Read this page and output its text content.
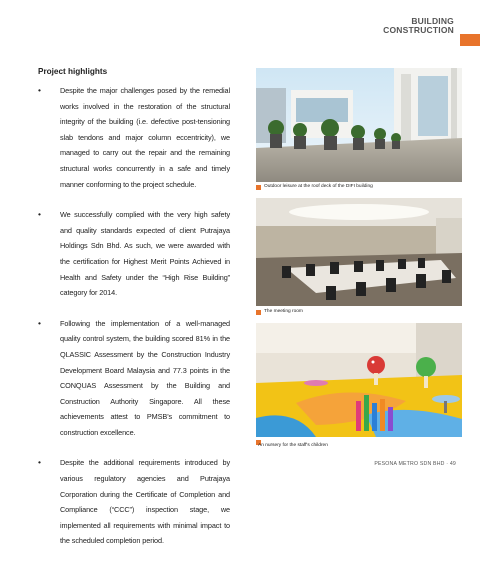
BUILDING
CONSTRUCTION
Project highlights
•	Despite the major challenges posed by the remedial works involved in the restoration of the structural integrity of the building (i.e. defective post-tensioning slab tendons and major column eccentricity), we managed to carry out the repair and the remaining structural works concurrently in a safe and timely manner conforming to the project schedule.
•	We successfully complied with the very high safety and quality standards expected of client Putrajaya Holdings Sdn Bhd. As such, we were awarded with the certification for Highest Merit Points Achieved in Health and Safety under the “High Rise Building” category for 2014.
•	Following the implementation of a well-managed quality control system, the building scored 81% in the QLASSIC Assessment by the Construction Industry Development Board Malaysia and 77.3 points in the CONQUAS Assessment by the Building and Construction Authority Singapore. All these achievements attest to PMSB’s commitment to construction excellence.
•	Despite the additional requirements introduced by various regulatory agencies and Putrajaya Corporation during the Certificate of Completion and Compliance (“CCC”) inspection stage, we implemented all requirements with minimal impact to the scheduled completion period.
Outdoor leisure at the roof deck of the DIFI building
The meeting room
An nursery for the staff's children
PESONA METRO SDN BHD · 49
